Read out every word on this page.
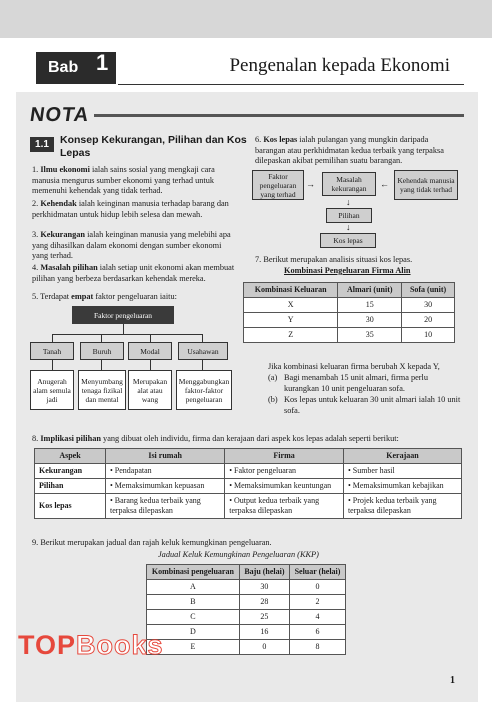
Bab 1	Pengenalan kepada Ekonomi
NOTA
1.1	Konsep Kekurangan, Pilihan dan Kos Lepas
1. Ilmu ekonomi ialah sains sosial yang mengkaji cara manusia mengurus sumber ekonomi yang terhad untuk memenuhi kehendak yang tidak terhad.
2. Kehendak ialah keinginan manusia terhadap barang dan perkhidmatan untuk hidup lebih selesa dan mewah.
3. Kekurangan ialah keinginan manusia yang melebihi apa yang dihasilkan dalam ekonomi dengan sumber ekonomi yang terhad.
4. Masalah pilihan ialah setiap unit ekonomi akan membuat pilihan yang berbeza berdasarkan kehendak mereka.
5. Terdapat empat faktor pengeluaran iaitu:
Faktor pengeluaran
Tanah	Buruh	Modal	Usahawan
Anugerah alam semula jadi
Menyumbang tenaga fizikal dan mental
Merupakan alat atau wang
Menggabungkan faktor-faktor pengeluaran
6. Kos lepas ialah pulangan yang mungkin daripada barangan atau perkhidmatan kedua terbaik yang terpaksa dilepaskan akibat pemilihan suatu barangan.
Faktor pengeluaran yang terhad
Masalah kekurangan
Kehendak manusia yang tidak terhad
→	←
↓
Pilihan
↓
Kos lepas
7. Berikut merupakan analisis situasi kos lepas.
Kombinasi Pengeluaran Firma Alin
Kombinasi Keluaran	Almari (unit)	Sofa (unit)
X	15	30
Y	30	20
Z	35	10
Jika kombinasi keluaran firma berubah X kepada Y,
(a) Bagi menambah 15 unit almari, firma perlu kurangkan 10 unit pengeluaran sofa.
(b) Kos lepas untuk keluaran 30 unit almari ialah 10 unit sofa.
8. Implikasi pilihan yang dibuat oleh individu, firma dan kerajaan dari aspek kos lepas adalah seperti berikut:
Aspek	Isi rumah	Firma	Kerajaan
Kekurangan	• Pendapatan	• Faktor pengeluaran	• Sumber hasil
Pilihan	• Memaksimumkan kepuasan	• Memaksimumkan keuntungan	• Memaksimumkan kebajikan
Kos lepas	• Barang kedua terbaik yang terpaksa dilepaskan	• Output kedua terbaik yang terpaksa dilepaskan	• Projek kedua terbaik yang terpaksa dilepaskan
9. Berikut merupakan jadual dan rajah keluk kemungkinan pengeluaran.
Jadual Keluk Kemungkinan Pengeluaran (KKP)
Kombinasi pengeluaran	Baju (helai)	Seluar (helai)
A	30	0
B	28	2
C	25	4
D	16	6
E	0	8
TOPBooks
1
